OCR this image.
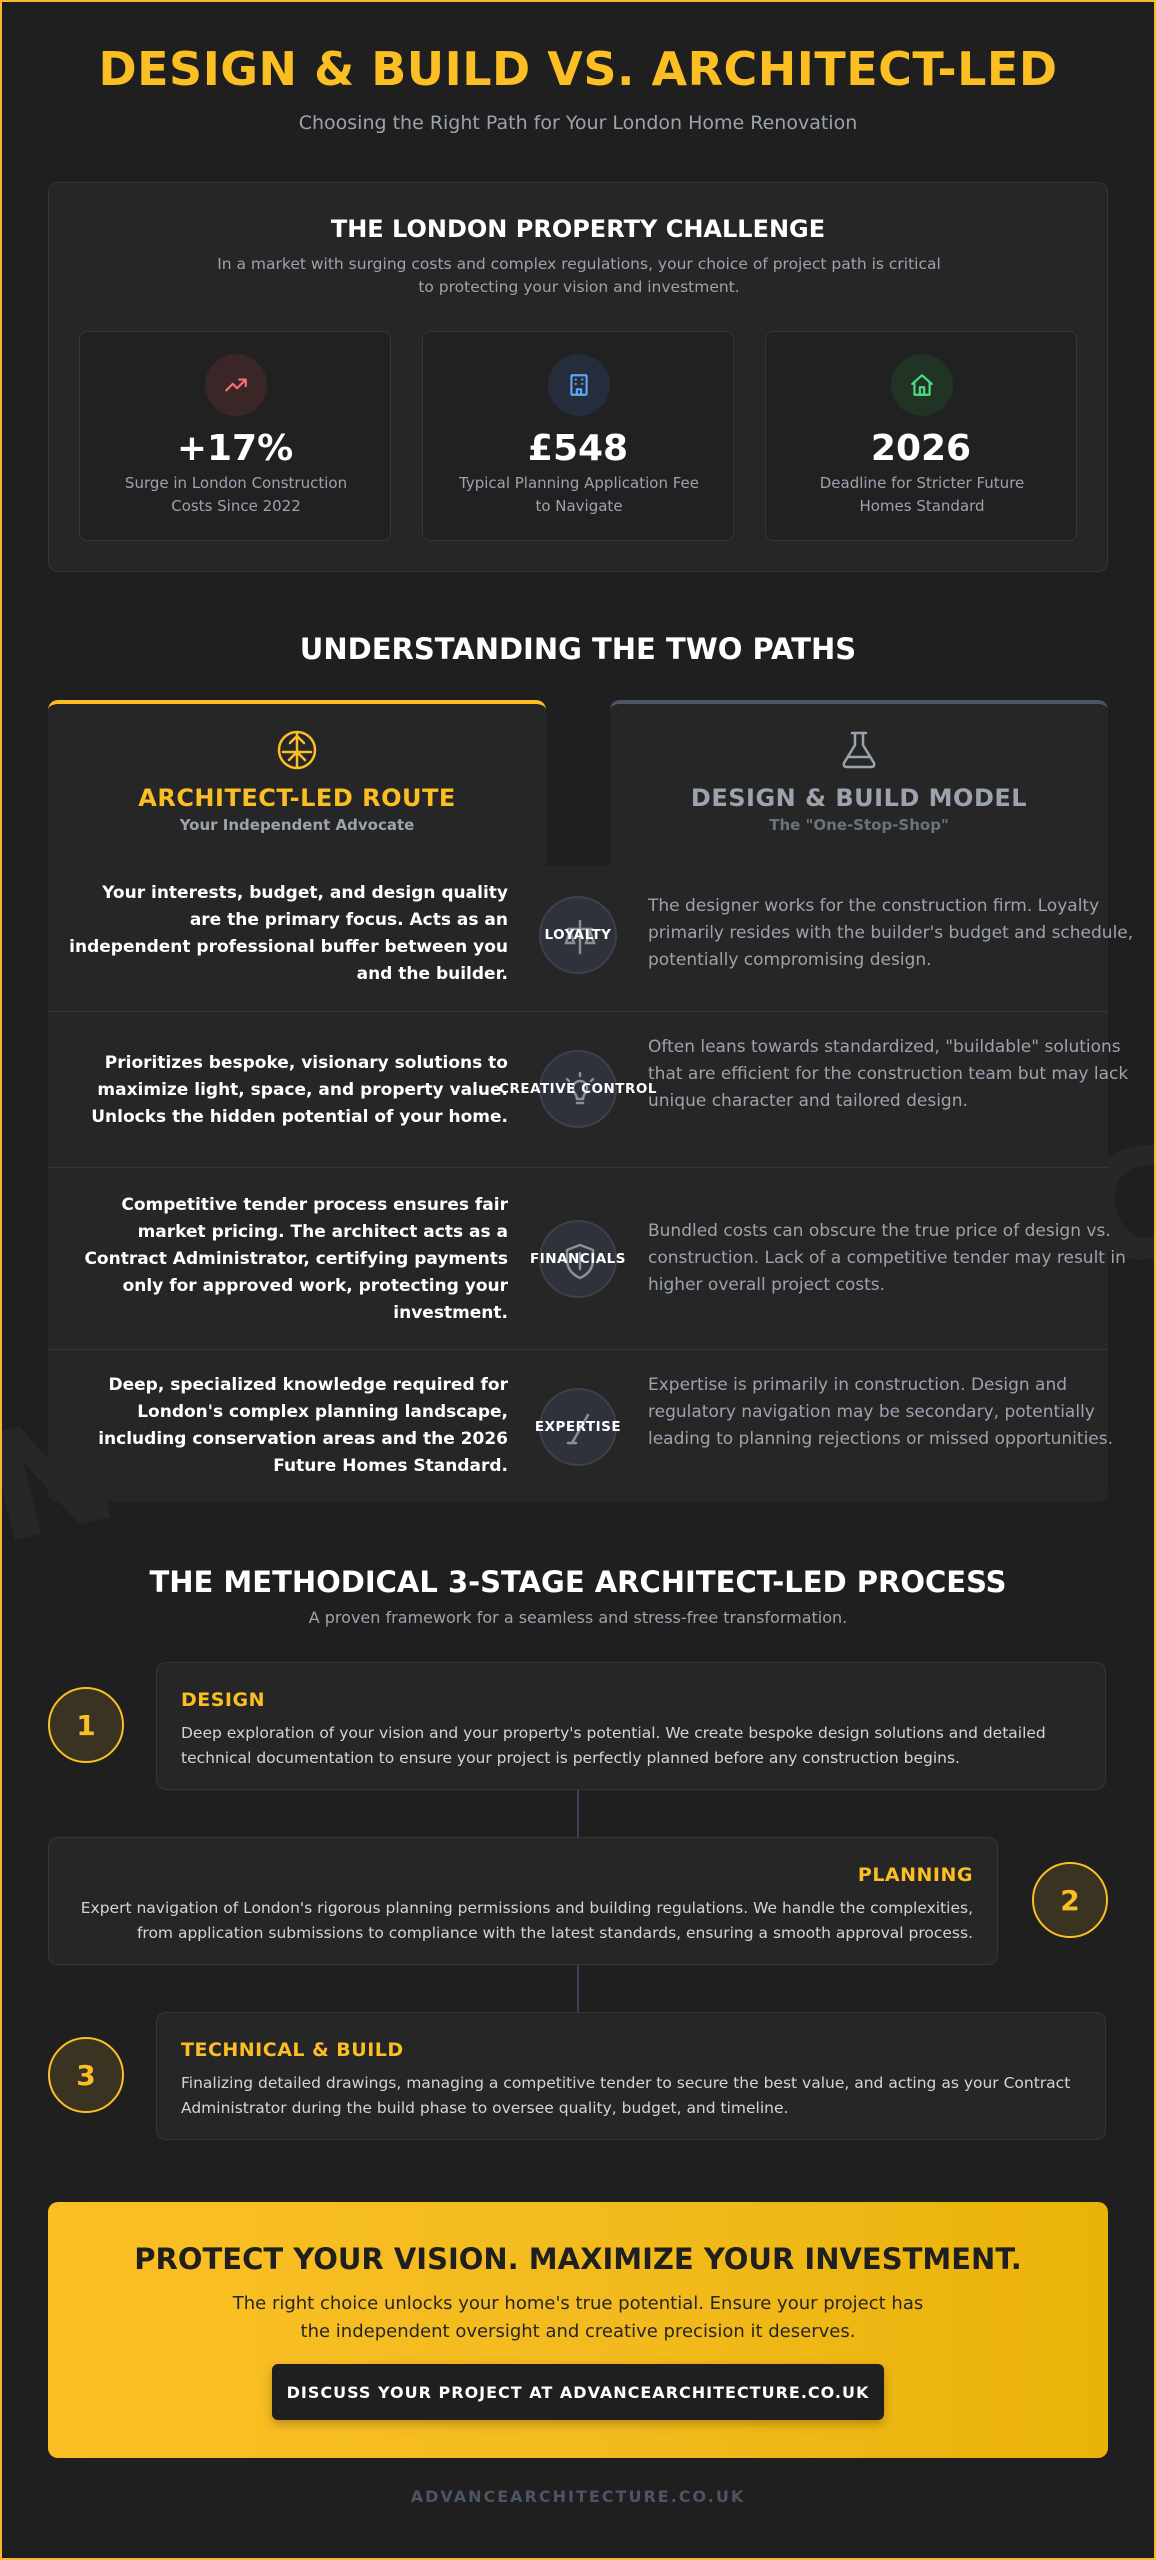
DESIGN & BUILD VS. ARCHITECT-LED
Choosing the Right Path for Your London Home Renovation
THE LONDON PROPERTY CHALLENGE

In a market with surging costs and complex regulations, your choice of project path is critical to protecting your vision and investment.

+17%
Surge in London Construction Costs Since 2022
£548
Typical Planning Application Fee to Navigate
2026
Deadline for Stricter Future Homes Standard
UNDERSTANDING THE TWO PATHS
ARCHITECT-LED ROUTE
Your Independent Advocate
DESIGN & BUILD MODEL
The "One-Stop-Shop"
Your interests, budget, and design quality are the primary focus. Acts as an independent professional buffer between you and the builder.
LOYALTY
The designer works for the construction firm. Loyalty primarily resides with the builder's budget and schedule, potentially compromising design.
Prioritizes bespoke, visionary solutions to maximize light, space, and property value. Unlocks the hidden potential of your home.
CREATIVE CONTROL
Often leans towards standardized, "buildable" solutions that are efficient for the construction team but may lack unique character and tailored design.
Competitive tender process ensures fair market pricing. The architect acts as a Contract Administrator, certifying payments only for approved work, protecting your investment.
FINANCIALS
Bundled costs can obscure the true price of design vs. construction. Lack of a competitive tender may result in higher overall project costs.
Deep, specialized knowledge required for London's complex planning landscape, including conservation areas and the 2026 Future Homes Standard.
EXPERTISE
Expertise is primarily in construction. Design and regulatory navigation may be secondary, potentially leading to planning rejections or missed opportunities.
THE METHODICAL 3-STAGE ARCHITECT-LED PROCESS
A proven framework for a seamless and stress-free transformation.
1
DESIGN
Deep exploration of your vision and your property's potential. We create bespoke design solutions and detailed technical documentation to ensure your project is perfectly planned before any construction begins.
PLANNING
Expert navigation of London's rigorous planning permissions and building regulations. We handle the complexities, from application submissions to compliance with the latest standards, ensuring a smooth approval process.
2
3
TECHNICAL & BUILD
Finalizing detailed drawings, managing a competitive tender to secure the best value, and acting as your Contract Administrator during the build phase to oversee quality, budget, and timeline.
PROTECT YOUR VISION. MAXIMIZE YOUR INVESTMENT.

The right choice unlocks your home's true potential. Ensure your project has the independent oversight and creative precision it deserves.

DISCUSS YOUR PROJECT AT ADVANCEARCHITECTURE.CO.UK
ADVANCEARCHITECTURE.CO.UK
